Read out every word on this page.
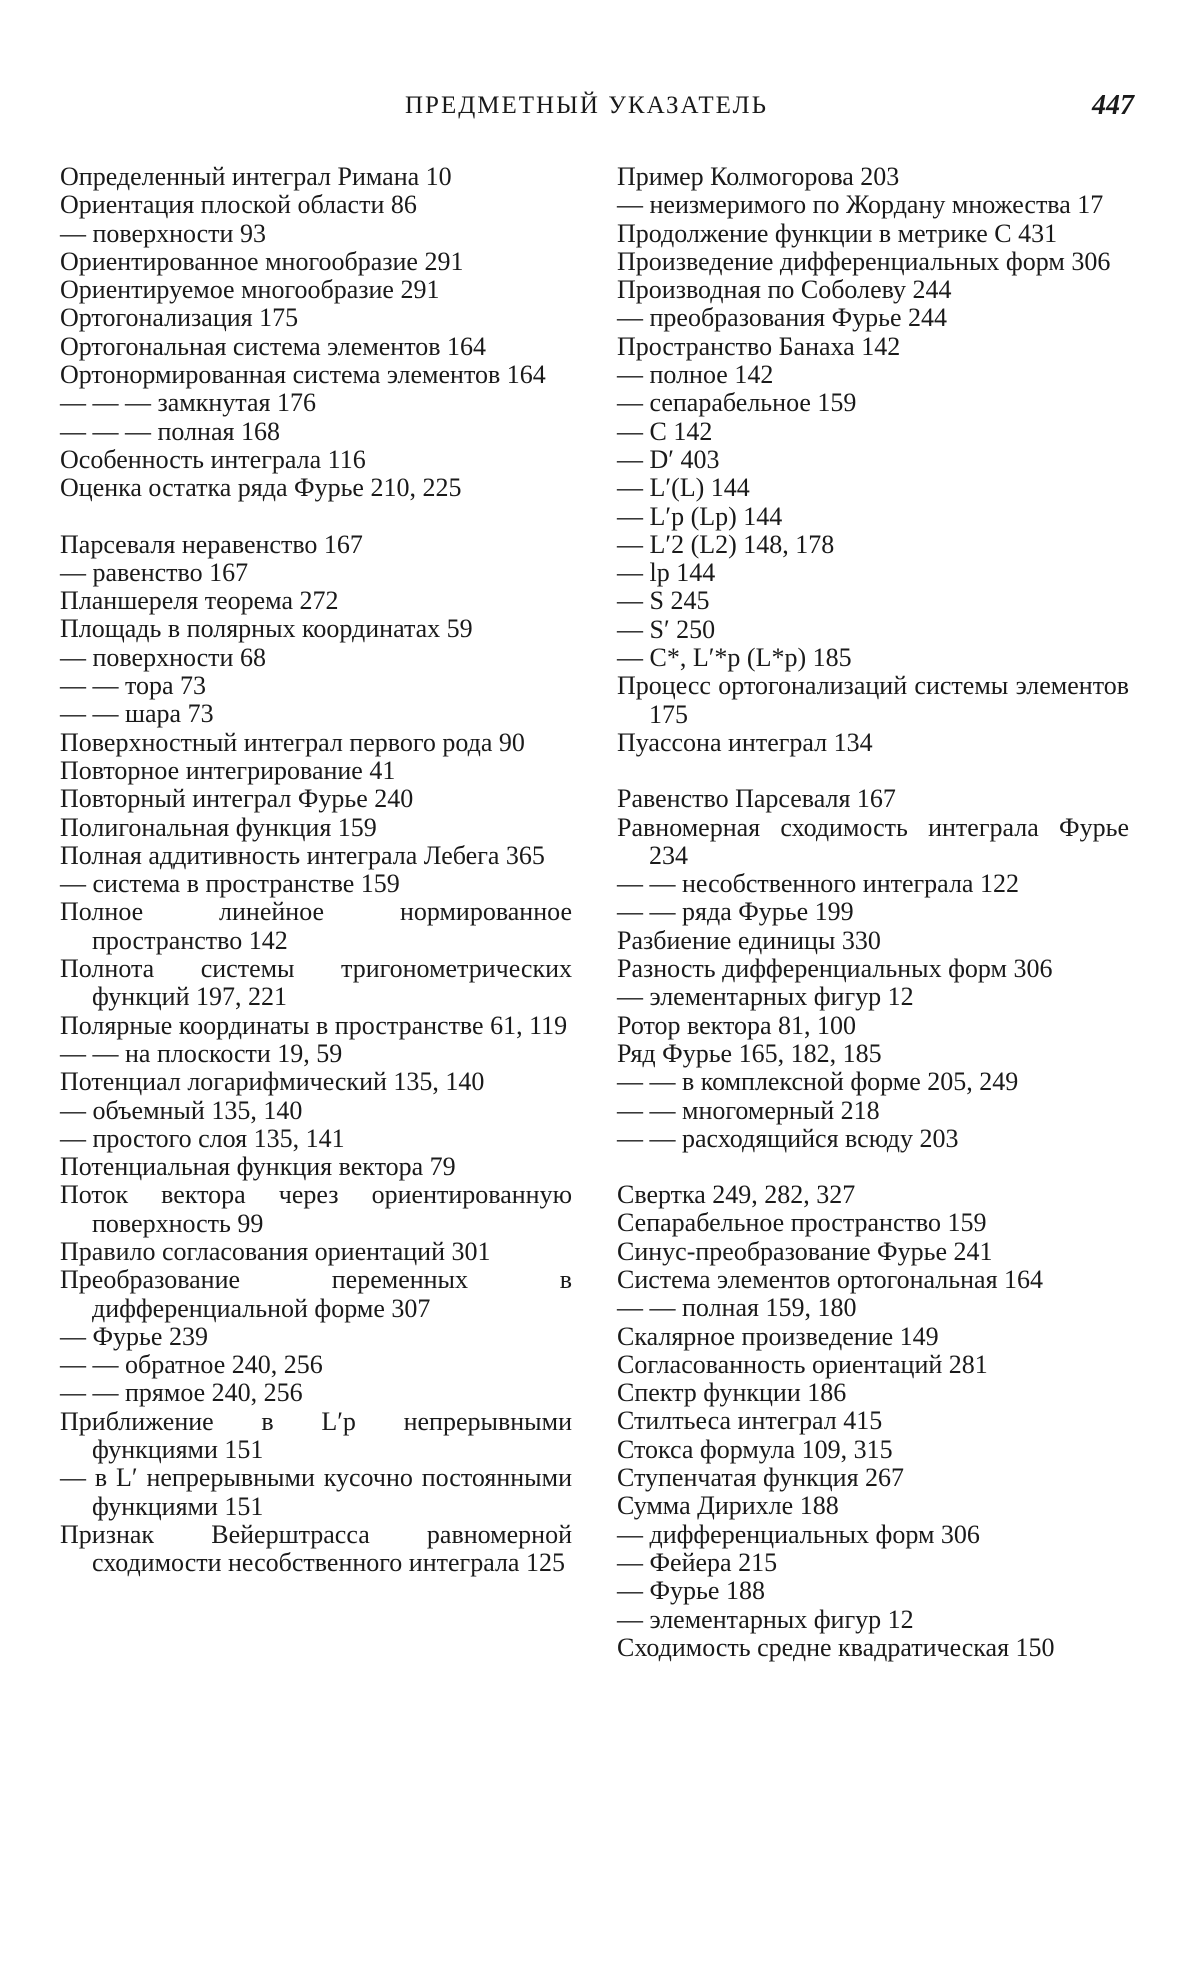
ПРЕДМЕТНЫЙ УКАЗАТЕЛЬ	447

Определенный интеграл Римана 10

Ориентация плоской области 86

— поверхности 93

Ориентированное многообразие 291

Ориентируемое многообразие 291

Ортогонализация 175

Ортогональная система элементов 164

Ортонормированная система элементов 164

— — — замкнутая 176

— — — полная 168

Особенность интеграла 116

Оценка остатка ряда Фурье 210, 225

Парсеваля неравенство 167

— равенство 167

Планшереля теорема 272

Площадь в полярных координатах 59

— поверхности 68

— — тора 73

— — шара 73

Поверхностный интеграл первого рода 90

Повторное интегрирование 41

Повторный интеграл Фурье 240

Полигональная функция 159

Полная аддитивность интеграла Лебега 365

— система в пространстве 159

Полное линейное нормированное пространство 142

Полнота системы тригонометрических функций 197, 221

Полярные координаты в пространстве 61, 119

— — на плоскости 19, 59

Потенциал логарифмический 135, 140

— объемный 135, 140

— простого слоя 135, 141

Потенциальная функция вектора 79

Поток вектора через ориентированную поверхность 99

Правило согласования ориентаций 301

Преобразование переменных в дифференциальной форме 307

— Фурье 239

— — обратное 240, 256

— — прямое 240, 256

Приближение в L′p непрерывными функциями 151

— в L′ непрерывными кусочно постоянными функциями 151

Признак Вейерштрасса равномерной сходимости несобственного интеграла 125

Пример Колмогорова 203

— неизмеримого по Жордану множества 17

Продолжение функции в метрике C 431

Произведение дифференциальных форм 306

Производная по Соболеву 244

— преобразования Фурье 244

Пространство Банаха 142

— полное 142

— сепарабельное 159

— C 142

— D′ 403

— L′(L) 144

— L′p (Lp) 144

— L′2 (L2) 148, 178

— lp 144

— S 245

— S′ 250

— C*, L′*p (L*p) 185

Процесс ортогонализаций системы элементов 175

Пуассона интеграл 134

Равенство Парсеваля 167

Равномерная сходимость интеграла Фурье 234

— — несобственного интеграла 122

— — ряда Фурье 199

Разбиение единицы 330

Разность дифференциальных форм 306

— элементарных фигур 12

Ротор вектора 81, 100

Ряд Фурье 165, 182, 185

— — в комплексной форме 205, 249

— — многомерный 218

— — расходящийся всюду 203

Свертка 249, 282, 327

Сепарабельное пространство 159

Синус-преобразование Фурье 241

Система элементов ортогональная 164

— — полная 159, 180

Скалярное произведение 149

Согласованность ориентаций 281

Спектр функции 186

Стилтьеса интеграл 415

Стокса формула 109, 315

Ступенчатая функция 267

Сумма Дирихле 188

— дифференциальных форм 306

— Фейера 215

— Фурье 188

— элементарных фигур 12

Сходимость средне квадратическая 150
